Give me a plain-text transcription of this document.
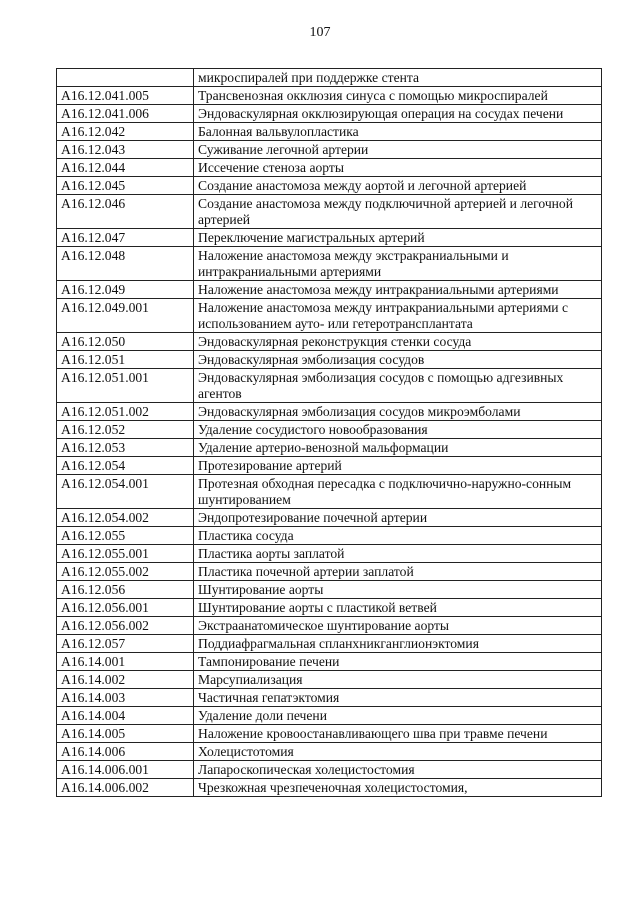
107
	микроспиралей при поддержке стента
A16.12.041.005	Трансвенозная окклюзия синуса с помощью микроспиралей
A16.12.041.006	Эндоваскулярная окклюзирующая операция на сосудах печени
A16.12.042	Балонная вальвулопластика
A16.12.043	Суживание легочной артерии
A16.12.044	Иссечение стеноза аорты
A16.12.045	Создание анастомоза между аортой и легочной артерией
A16.12.046	Создание анастомоза между подключичной артерией и легочной артерией
A16.12.047	Переключение магистральных артерий
A16.12.048	Наложение анастомоза между экстракраниальными и интракраниальными артериями
A16.12.049	Наложение анастомоза между интракраниальными артериями
A16.12.049.001	Наложение анастомоза между интракраниальными артериями с использованием ауто- или гетеротрансплантата
A16.12.050	Эндоваскулярная реконструкция стенки сосуда
A16.12.051	Эндоваскулярная эмболизация сосудов
A16.12.051.001	Эндоваскулярная эмболизация сосудов с помощью адгезивных агентов
A16.12.051.002	Эндоваскулярная эмболизация сосудов микроэмболами
A16.12.052	Удаление сосудистого новообразования
A16.12.053	Удаление артерио-венозной мальформации
A16.12.054	Протезирование артерий
A16.12.054.001	Протезная обходная пересадка с подключично-наружно-сонным шунтированием
A16.12.054.002	Эндопротезирование почечной артерии
A16.12.055	Пластика сосуда
A16.12.055.001	Пластика аорты заплатой
A16.12.055.002	Пластика почечной артерии заплатой
A16.12.056	Шунтирование аорты
A16.12.056.001	Шунтирование аорты с пластикой ветвей
A16.12.056.002	Экстраанатомическое шунтирование аорты
A16.12.057	Поддиафрагмальная спланхникганглионэктомия
A16.14.001	Тампонирование печени
A16.14.002	Марсупиализация
A16.14.003	Частичная гепатэктомия
A16.14.004	Удаление доли печени
A16.14.005	Наложение кровоостанавливающего шва при травме печени
A16.14.006	Холецистотомия
A16.14.006.001	Лапароскопическая холецистостомия
A16.14.006.002	Чрезкожная чрезпеченочная холецистостомия,
